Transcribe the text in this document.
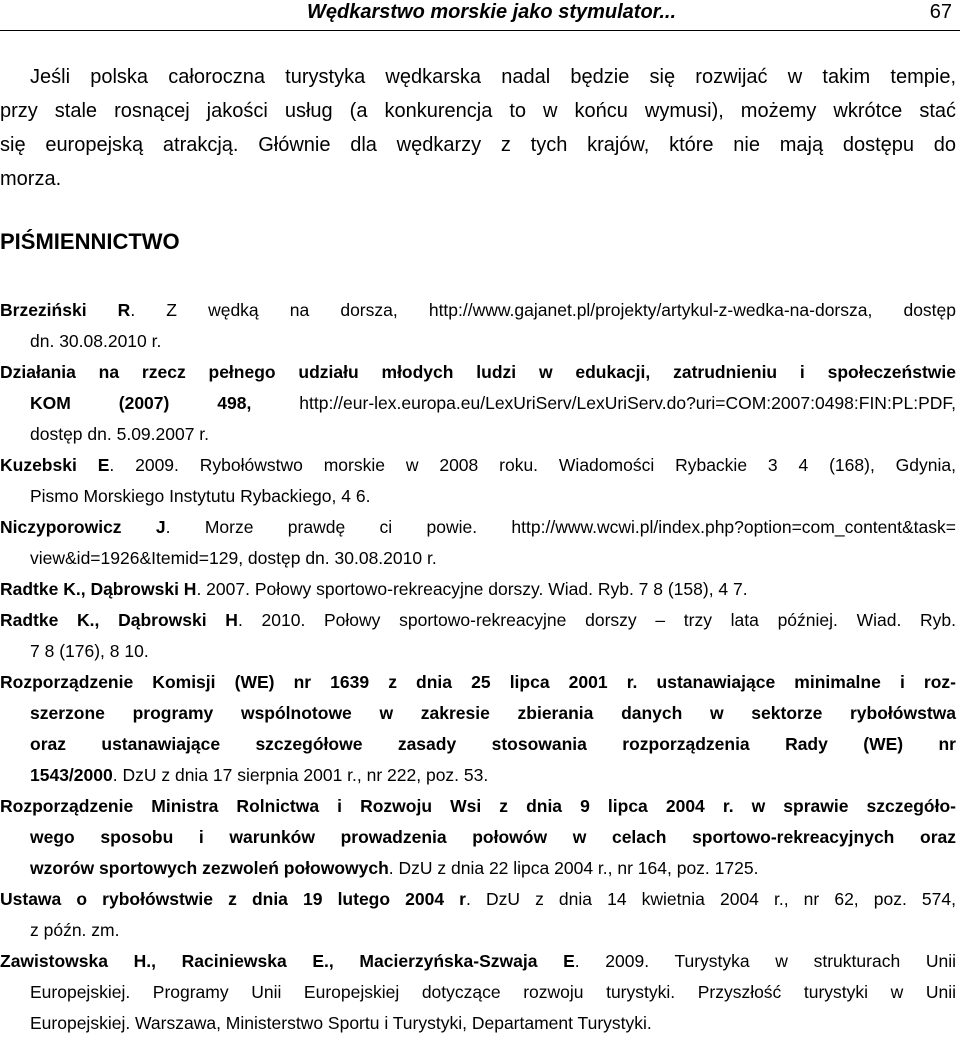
Wędkarstwo morskie jako stymulator...	67
Jeśli polska całoroczna turystyka wędkarska nadal będzie się rozwijać w takim tempie,
przy stale rosnącej jakości usług (a konkurencja to w końcu wymusi), możemy wkrótce stać
się europejską atrakcją. Głównie dla wędkarzy z tych krajów, które nie mają dostępu do
morza.
PIŚMIENNICTWO
Brzeziński R. Z wędką na dorsza, http://www.gajanet.pl/projekty/artykul-z-wedka-na-dorsza, dostęp
dn. 30.08.2010 r.
Działania na rzecz pełnego udziału młodych ludzi w edukacji, zatrudnieniu i społeczeństwie
KOM (2007) 498, http://eur-lex.europa.eu/LexUriServ/LexUriServ.do?uri=COM:2007:0498:FIN:PL:PDF,
dostęp dn. 5.09.2007 r.
Kuzebski E. 2009. Rybołówstwo morskie w 2008 roku. Wiadomości Rybackie 3 4 (168), Gdynia,
Pismo Morskiego Instytutu Rybackiego, 4 6.
Niczyporowicz J. Morze prawdę ci powie. http://www.wcwi.pl/index.php?option=com_content&task=
view&id=1926&Itemid=129, dostęp dn. 30.08.2010 r.
Radtke K., Dąbrowski H. 2007. Połowy sportowo-rekreacyjne dorszy. Wiad. Ryb. 7 8 (158), 4 7.
Radtke K., Dąbrowski H. 2010. Połowy sportowo-rekreacyjne dorszy – trzy lata później. Wiad. Ryb.
7 8 (176), 8 10.
Rozporządzenie Komisji (WE) nr 1639 z dnia 25 lipca 2001 r. ustanawiające minimalne i roz-
szerzone programy wspólnotowe w zakresie zbierania danych w sektorze rybołówstwa
oraz ustanawiające szczegółowe zasady stosowania rozporządzenia Rady (WE) nr
1543/2000. DzU z dnia 17 sierpnia 2001 r., nr 222, poz. 53.
Rozporządzenie Ministra Rolnictwa i Rozwoju Wsi z dnia 9 lipca 2004 r. w sprawie szczegóło-
wego sposobu i warunków prowadzenia połowów w celach sportowo-rekreacyjnych oraz
wzorów sportowych zezwoleń połowowych. DzU z dnia 22 lipca 2004 r., nr 164, poz. 1725.
Ustawa o rybołówstwie z dnia 19 lutego 2004 r. DzU z dnia 14 kwietnia 2004 r., nr 62, poz. 574,
z późn. zm.
Zawistowska H., Raciniewska E., Macierzyńska-Szwaja E. 2009. Turystyka w strukturach Unii
Europejskiej. Programy Unii Europejskiej dotyczące rozwoju turystyki. Przyszłość turystyki w Unii
Europejskiej. Warszawa, Ministerstwo Sportu i Turystyki, Departament Turystyki.
